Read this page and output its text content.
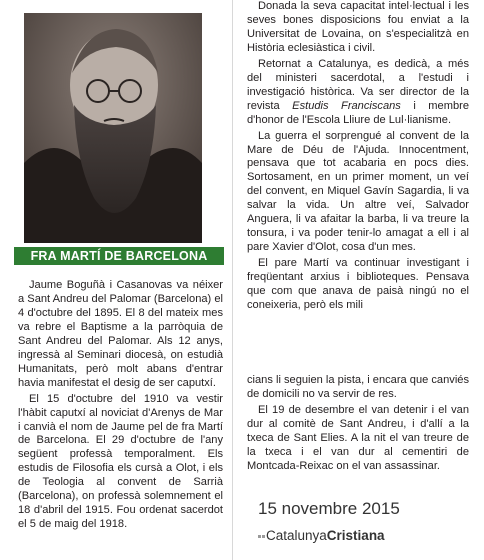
FRA MARTÍ DE BARCELONA

Jaume Boguñà i Casanovas va néixer a Sant Andreu del Palomar (Barcelona) el 4 d'octubre del 1895. El 8 del mateix mes va rebre el Baptisme a la parròquia de Sant Andreu del Palomar. Als 12 anys, ingressà al Seminari diocesà, on estudià Humanitats, però molt abans d'entrar havia manifestat el desig de ser caputxí.

El 15 d'octubre del 1910 va vestir l'hàbit caputxí al noviciat d'Arenys de Mar i canvià el nom de Jaume pel de fra Martí de Barcelona. El 29 d'octubre de l'any següent professà temporalment. Els estudis de Filosofia els cursà a Olot, i els de Teologia al convent de Sarrià (Barcelona), on professà solemnement el 18 d'abril del 1915. Fou ordenat sacerdot el 5 de maig del 1918.

Donada la seva capacitat intel·lectual i les seves bones disposicions fou enviat a la Universitat de Lovaina, on s'especialitzà en Història eclesiàstica i civil.

Retornat a Catalunya, es dedicà, a més del ministeri sacerdotal, a l'estudi i investigació històrica. Va ser director de la revista Estudis Franciscans i membre d'honor de l'Escola Lliure de Lul·lianisme.

La guerra el sorprengué al convent de la Mare de Déu de l'Ajuda. Innocentment, pensava que tot acabaria en pocs dies. Sortosament, en un primer moment, un veí del convent, en Miquel Gavín Sagardia, li va salvar la vida. Un altre veí, Salvador Anguera, li va afaitar la barba, li va treure la tonsura, i va poder tenir-lo amagat a ell i al pare Xavier d'Olot, cosa d'un mes.

El pare Martí va continuar investigant i freqüentant arxius i biblioteques. Pensava que com que anava de paisà ningú no el coneixeria, però els mili

cians li seguien la pista, i encara que canviés de domicili no va servir de res.

El 19 de desembre el van detenir i el van dur al comitè de Sant Andreu, i d'allí a la txeca de Sant Elies. A la nit el van treure de la txeca i el van dur al cementiri de Montcada-Reixac on el van assassinar.

15 novembre 2015
CatalunyaCristiana
